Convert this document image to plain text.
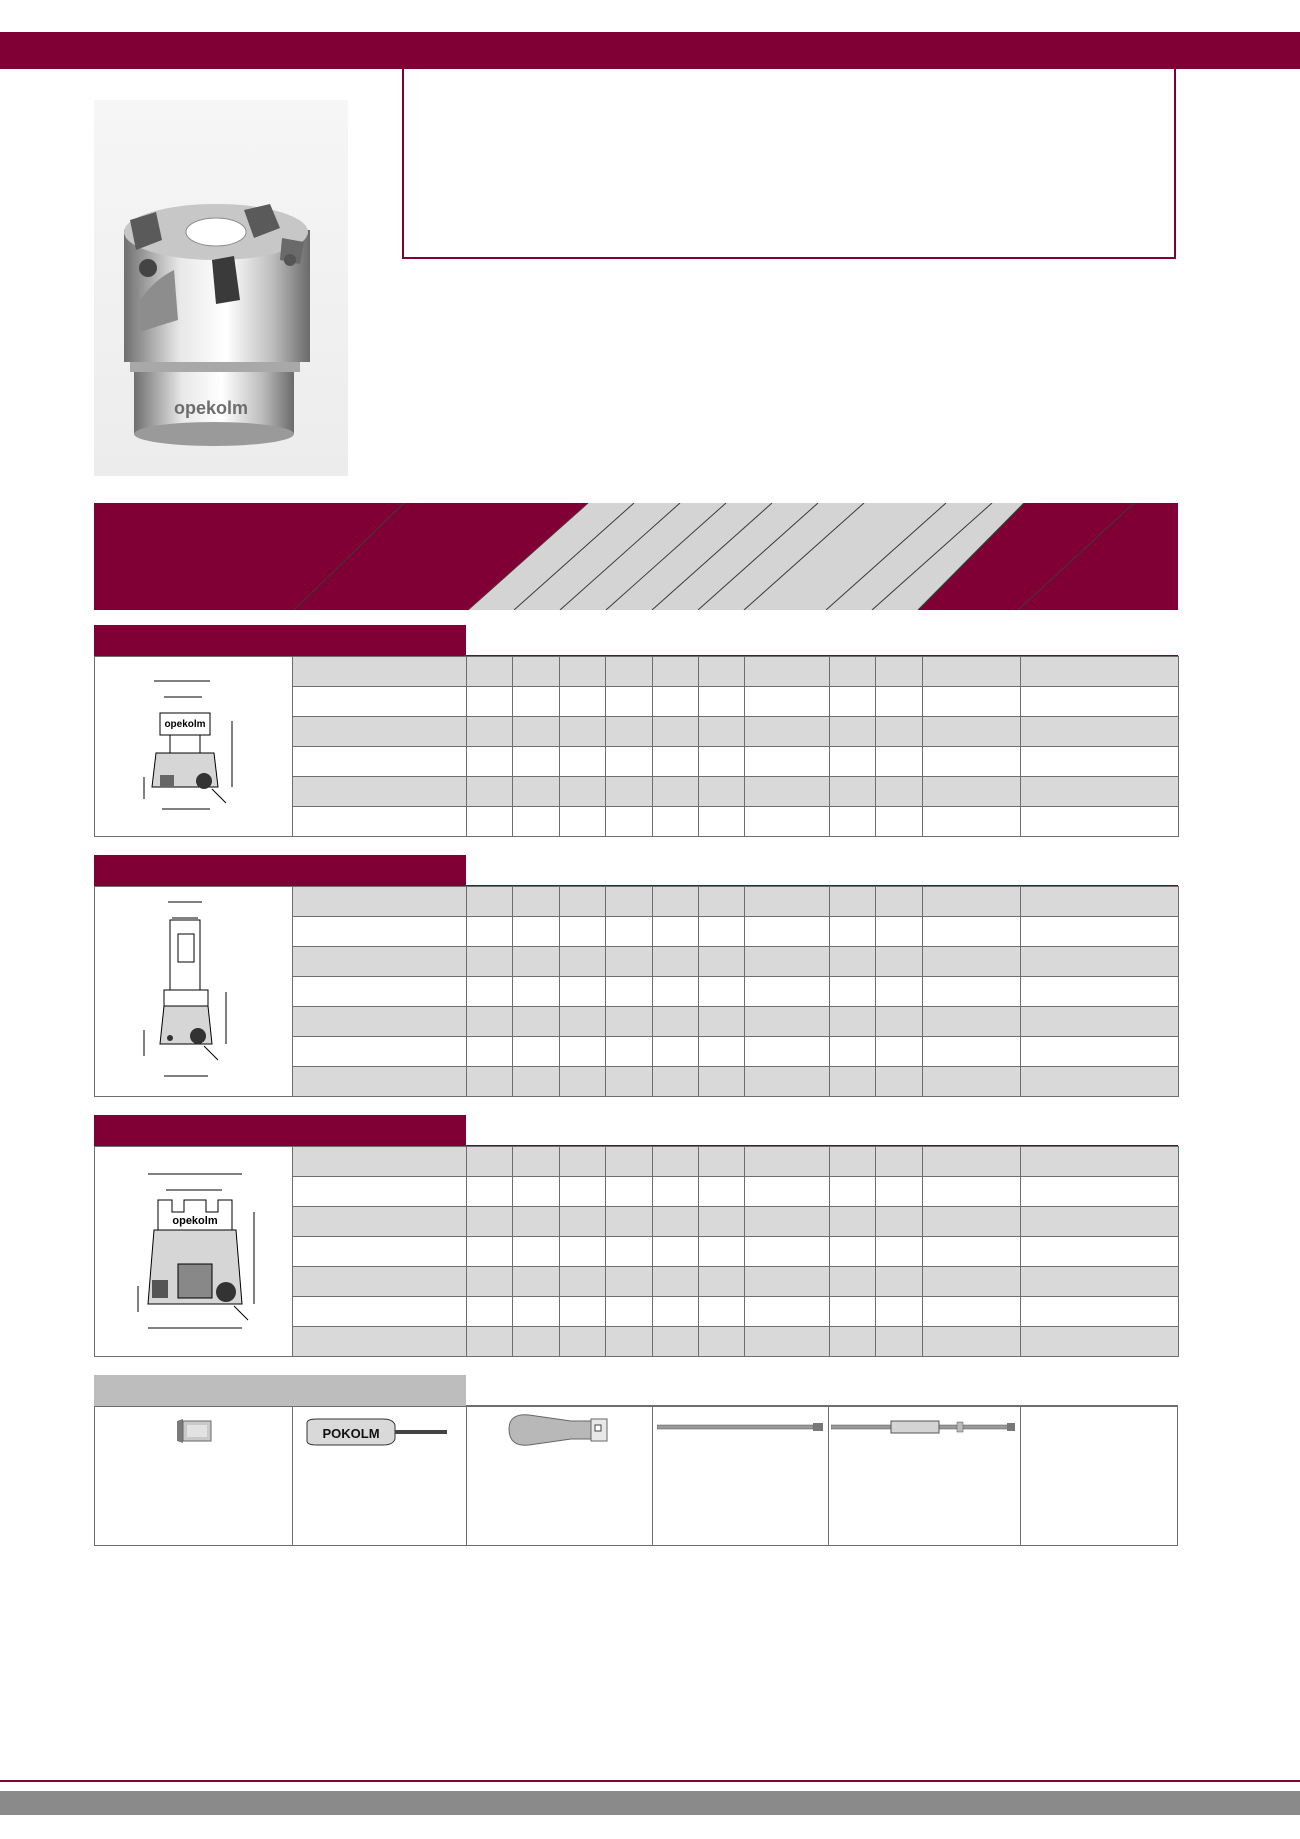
opekolm
opekolm												

opekolm												

POKOLM
